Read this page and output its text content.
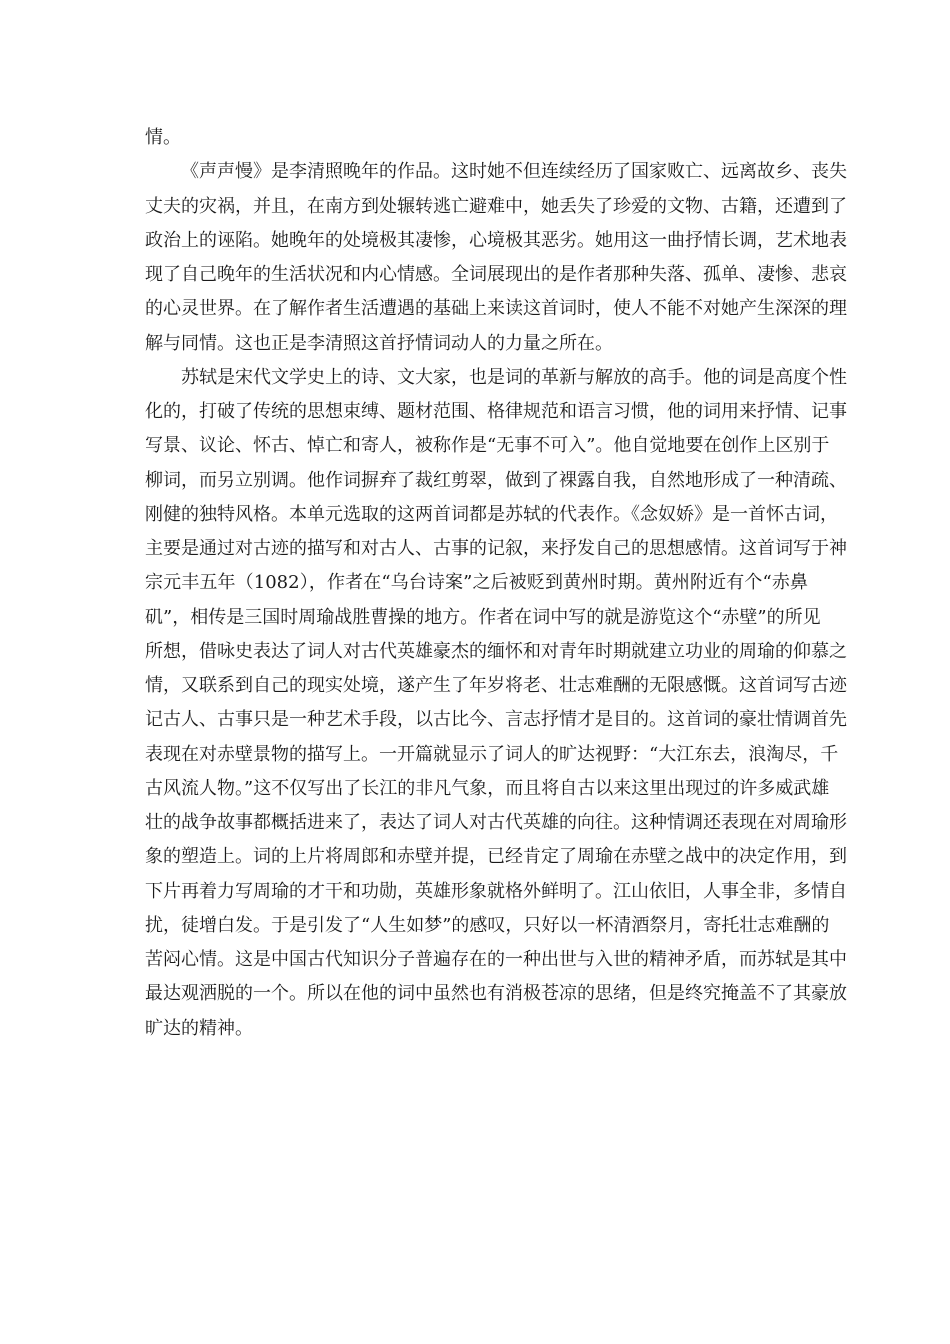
情。
《声声慢》是李清照晚年的作品。这时她不但连续经历了国家败亡、远离故乡、丧失
丈夫的灾祸，并且，在南方到处辗转逃亡避难中，她丢失了珍爱的文物、古籍，还遭到了
政治上的诬陷。她晚年的处境极其凄惨，心境极其恶劣。她用这一曲抒情长调，艺术地表
现了自己晚年的生活状况和内心情感。全词展现出的是作者那种失落、孤单、凄惨、悲哀
的心灵世界。在了解作者生活遭遇的基础上来读这首词时，使人不能不对她产生深深的理
解与同情。这也正是李清照这首抒情词动人的力量之所在。
苏轼是宋代文学史上的诗、文大家，也是词的革新与解放的高手。他的词是高度个性
化的，打破了传统的思想束缚、题材范围、格律规范和语言习惯，他的词用来抒情、记事
写景、议论、怀古、悼亡和寄人，被称作是“无事不可入”。他自觉地要在创作上区别于
柳词，而另立别调。他作词摒弃了裁红剪翠，做到了裸露自我，自然地形成了一种清疏、
刚健的独特风格。本单元选取的这两首词都是苏轼的代表作。《念奴娇》是一首怀古词，
主要是通过对古迹的描写和对古人、古事的记叙，来抒发自己的思想感情。这首词写于神
宗元丰五年（1082），作者在“乌台诗案”之后被贬到黄州时期。黄州附近有个“赤鼻
矶”，相传是三国时周瑜战胜曹操的地方。作者在词中写的就是游览这个“赤壁”的所见
所想，借咏史表达了词人对古代英雄豪杰的缅怀和对青年时期就建立功业的周瑜的仰慕之
情，又联系到自己的现实处境，遂产生了年岁将老、壮志难酬的无限感慨。这首词写古迹
记古人、古事只是一种艺术手段，以古比今、言志抒情才是目的。这首词的豪壮情调首先
表现在对赤壁景物的描写上。一开篇就显示了词人的旷达视野：“大江东去，浪淘尽，千
古风流人物。”这不仅写出了长江的非凡气象，而且将自古以来这里出现过的许多威武雄
壮的战争故事都概括进来了，表达了词人对古代英雄的向往。这种情调还表现在对周瑜形
象的塑造上。词的上片将周郎和赤壁并提，已经肯定了周瑜在赤壁之战中的决定作用，到
下片再着力写周瑜的才干和功勋，英雄形象就格外鲜明了。江山依旧，人事全非，多情自
扰，徒增白发。于是引发了“人生如梦”的感叹，只好以一杯清酒祭月，寄托壮志难酬的
苦闷心情。这是中国古代知识分子普遍存在的一种出世与入世的精神矛盾，而苏轼是其中
最达观洒脱的一个。所以在他的词中虽然也有消极苍凉的思绪，但是终究掩盖不了其豪放
旷达的精神。
